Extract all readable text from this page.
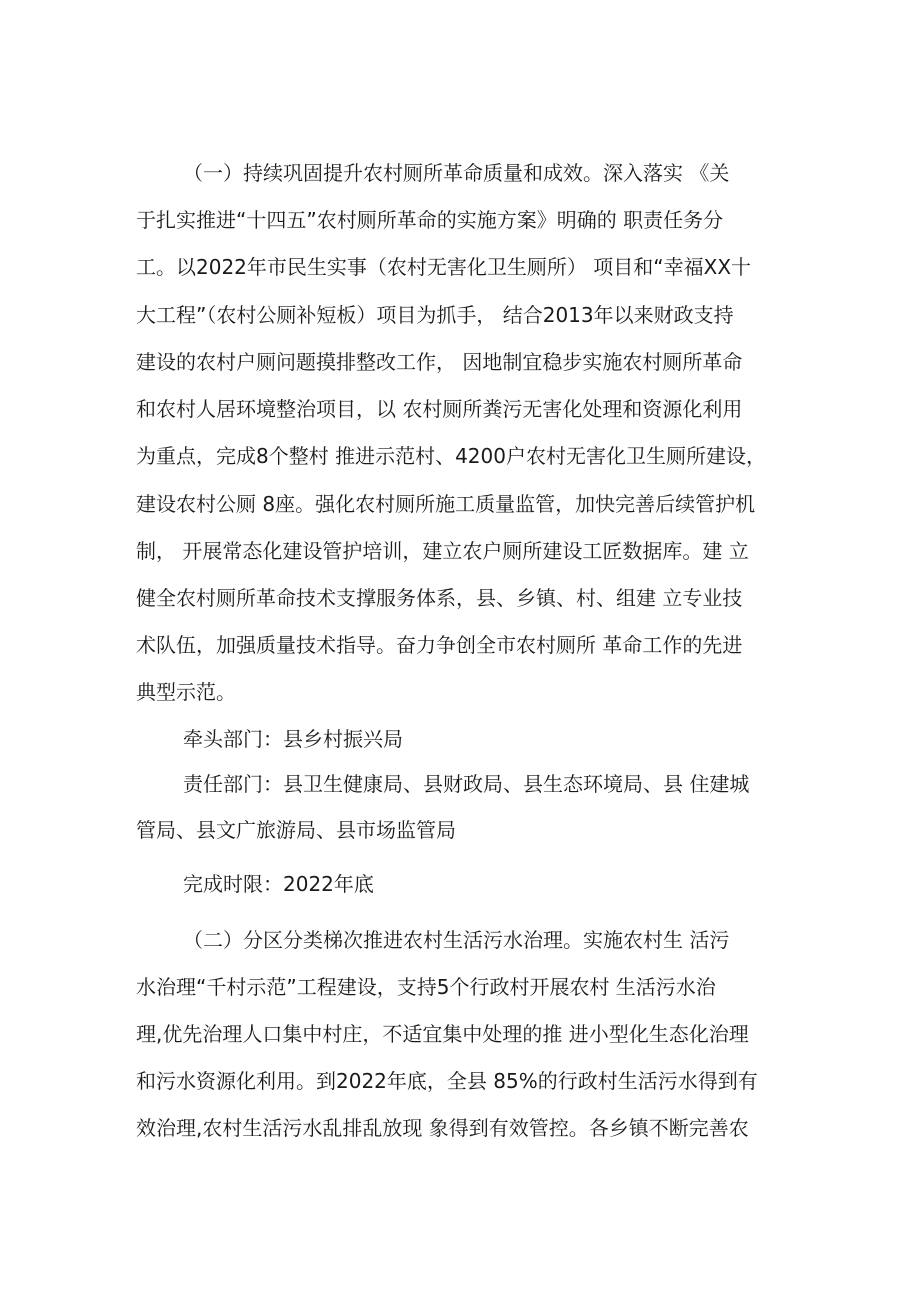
（一）持续巩固提升农村厕所革命质量和成效。深入落实 《关
于扎实推进“十四五”农村厕所革命的实施方案》明确的 职责任务分
工。以2022年市民生实事（农村无害化卫生厕所） 项目和“幸福XX十
大工程”（农村公厕补短板）项目为抓手， 结合2013年以来财政支持
建设的农村户厕问题摸排整改工作， 因地制宜稳步实施农村厕所革命
和农村人居环境整治项目，以 农村厕所粪污无害化处理和资源化利用
为重点，完成8个整村 推进示范村、4200户农村无害化卫生厕所建设，
建设农村公厕 8座。强化农村厕所施工质量监管，加快完善后续管护机
制， 开展常态化建设管护培训，建立农户厕所建设工匠数据库。建 立
健全农村厕所革命技术支撑服务体系，县、乡镇、村、组建 立专业技
术队伍，加强质量技术指导。奋力争创全市农村厕所 革命工作的先进
典型示范。
牵头部门：县乡村振兴局
责任部门：县卫生健康局、县财政局、县生态环境局、县 住建城
管局、县文广旅游局、县市场监管局
完成时限：2022年底
（二）分区分类梯次推进农村生活污水治理。实施农村生 活污
水治理“千村示范”工程建设，支持5个行政村开展农村 生活污水治
理,优先治理人口集中村庄，不适宜集中处理的推 进小型化生态化治理
和污水资源化利用。到2022年底，全县 85%的行政村生活污水得到有
效治理,农村生活污水乱排乱放现 象得到有效管控。各乡镇不断完善农
